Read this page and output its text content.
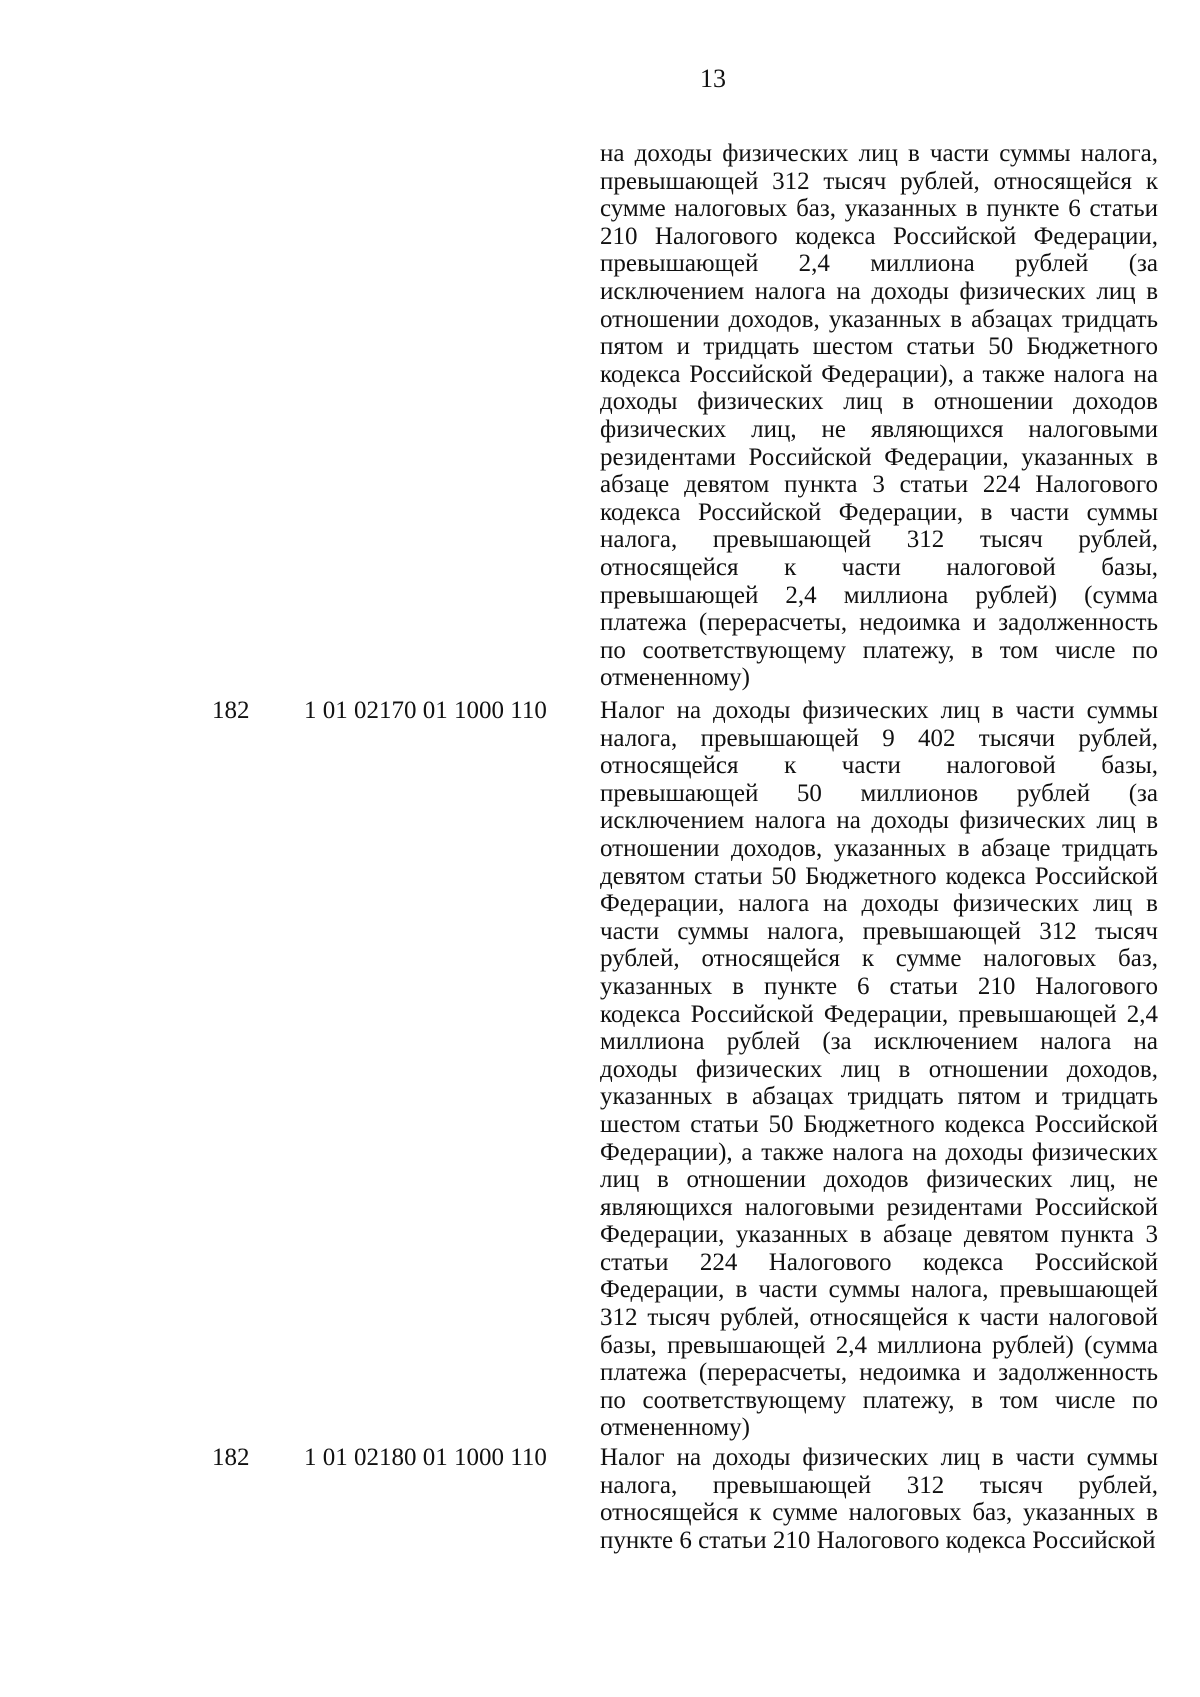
13
на доходы физических лиц в части суммы налога, превышающей 312 тысяч рублей, относящейся к сумме налоговых баз, указанных в пункте 6 статьи 210 Налогового кодекса Российской Федерации, превышающей 2,4 миллиона рублей (за исключением налога на доходы физических лиц в отношении доходов, указанных в абзацах тридцать пятом и тридцать шестом статьи 50 Бюджетного кодекса Российской Федерации), а также налога на доходы физических лиц в отношении доходов физических лиц, не являющихся налоговыми резидентами Российской Федерации, указанных в абзаце девятом пункта 3 статьи 224 Налогового кодекса Российской Федерации, в части суммы налога, превышающей 312 тысяч рублей, относящейся к части налоговой базы, превышающей 2,4 миллиона рублей) (сумма платежа (перерасчеты, недоимка и задолженность по соответствующему платежу, в том числе по отмененному)
182 1 01 02170 01 1000 110 Налог на доходы физических лиц в части суммы налога, превышающей 9 402 тысячи рублей, относящейся к части налоговой базы, превышающей 50 миллионов рублей (за исключением налога на доходы физических лиц в отношении доходов, указанных в абзаце тридцать девятом статьи 50 Бюджетного кодекса Российской Федерации, налога на доходы физических лиц в части суммы налога, превышающей 312 тысяч рублей, относящейся к сумме налоговых баз, указанных в пункте 6 статьи 210 Налогового кодекса Российской Федерации, превышающей 2,4 миллиона рублей (за исключением налога на доходы физических лиц в отношении доходов, указанных в абзацах тридцать пятом и тридцать шестом статьи 50 Бюджетного кодекса Российской Федерации), а также налога на доходы физических лиц в отношении доходов физических лиц, не являющихся налоговыми резидентами Российской Федерации, указанных в абзаце девятом пункта 3 статьи 224 Налогового кодекса Российской Федерации, в части суммы налога, превышающей 312 тысяч рублей, относящейся к части налоговой базы, превышающей 2,4 миллиона рублей) (сумма платежа (перерасчеты, недоимка и задолженность по соответствующему платежу, в том числе по отмененному)
182 1 01 02180 01 1000 110 Налог на доходы физических лиц в части суммы налога, превышающей 312 тысяч рублей, относящейся к сумме налоговых баз, указанных в пункте 6 статьи 210 Налогового кодекса Российской
